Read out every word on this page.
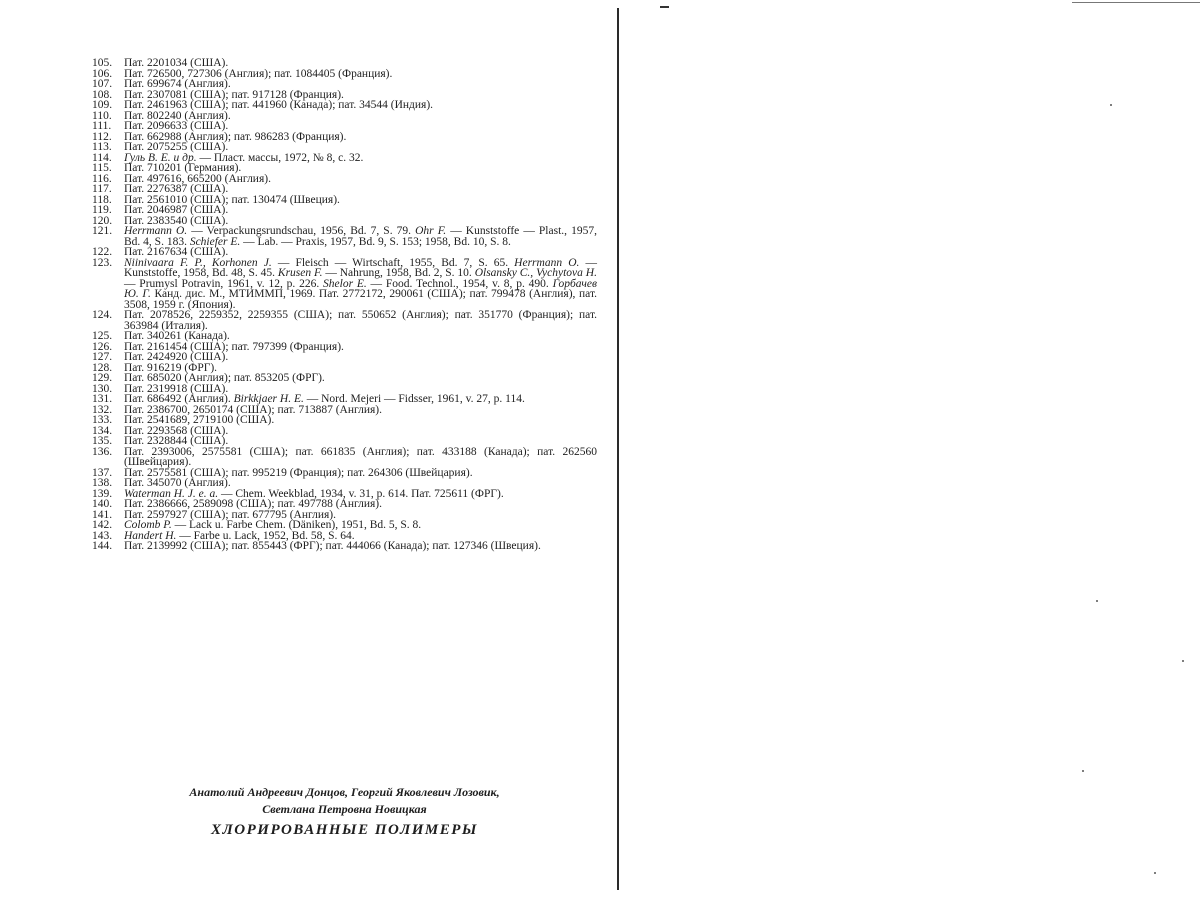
105.	Пат. 2201034 (США).
106.	Пат. 726500, 727306 (Англия); пат. 1084405 (Франция).
107.	Пат. 699674 (Англия).
108.	Пат. 2307081 (США); пат. 917128 (Франция).
109.	Пат. 2461963 (США); пат. 441960 (Канада); пат. 34544 (Индия).
110.	Пат. 802240 (Англия).
111.	Пат. 2096633 (США).
112.	Пат. 662988 (Англия); пат. 986283 (Франция).
113.	Пат. 2075255 (США).
114.	Гуль В. Е. и др. — Пласт. массы, 1972, № 8, с. 32.
115.	Пат. 710201 (Германия).
116.	Пат. 497616, 665200 (Англия).
117.	Пат. 2276387 (США).
118.	Пат. 2561010 (США); пат. 130474 (Швеция).
119.	Пат. 2046987 (США).
120.	Пат. 2383540 (США).
121.	Herrmann O. — Verpackungsrundschau, 1956, Bd. 7, S. 79. Ohr F. — Kunststoffe — Plast., 1957, Bd. 4, S. 183. Schiefer E. — Lab. — Praxis, 1957, Bd. 9, S. 153; 1958, Bd. 10, S. 8.
122.	Пат. 2167634 (США).
123.	Niinivaara F. P., Korhonen J. — Fleisch — Wirtschaft, 1955, Bd. 7, S. 65. Herrmann O. — Kunststoffe, 1958, Bd. 48, S. 45. Krusen F. — Nahrung, 1958, Bd. 2, S. 10. Olsansky C., Vychytova H. — Prumysl Potravin, 1961, v. 12, p. 226. Shelor E. — Food. Technol., 1954, v. 8, p. 490. Горбачев Ю. Г. Канд. дис. М., МТИММП, 1969. Пат. 2772172, 290061 (США); пат. 799478 (Англия), пат. 3508, 1959 г. (Япония).
124.	Пат. 2078526, 2259352, 2259355 (США); пат. 550652 (Англия); пат. 351770 (Франция); пат. 363984 (Италия).
125.	Пат. 340261 (Канада).
126.	Пат. 2161454 (США); пат. 797399 (Франция).
127.	Пат. 2424920 (США).
128.	Пат. 916219 (ФРГ).
129.	Пат. 685020 (Англия); пат. 853205 (ФРГ).
130.	Пат. 2319918 (США).
131.	Пат. 686492 (Англия). Birkkjaer H. E. — Nord. Mejeri — Fidsser, 1961, v. 27, p. 114.
132.	Пат. 2386700, 2650174 (США); пат. 713887 (Англия).
133.	Пат. 2541689, 2719100 (США).
134.	Пат. 2293568 (США).
135.	Пат. 2328844 (США).
136.	Пат. 2393006, 2575581 (США); пат. 661835 (Англия); пат. 433188 (Канада); пат. 262560 (Швейцария).
137.	Пат. 2575581 (США); пат. 995219 (Франция); пат. 264306 (Швейцария).
138.	Пат. 345070 (Англия).
139.	Waterman H. J. e. a. — Chem. Weekblad, 1934, v. 31, p. 614. Пат. 725611 (ФРГ).
140.	Пат. 2386666, 2589098 (США); пат. 497788 (Англия).
141.	Пат. 2597927 (США); пат. 677795 (Англия).
142.	Colomb P. — Lack u. Farbe Chem. (Däniken), 1951, Bd. 5, S. 8.
143.	Handert H. — Farbe u. Lack, 1952, Bd. 58, S. 64.
144.	Пат. 2139992 (США); пат. 855443 (ФРГ); пат. 444066 (Канада); пат. 127346 (Швеция).
Анатолий Андреевич Донцов, Георгий Яковлевич Лозовик,
Светлана Петровна Новицкая
ХЛОРИРОВАННЫЕ ПОЛИМЕРЫ
